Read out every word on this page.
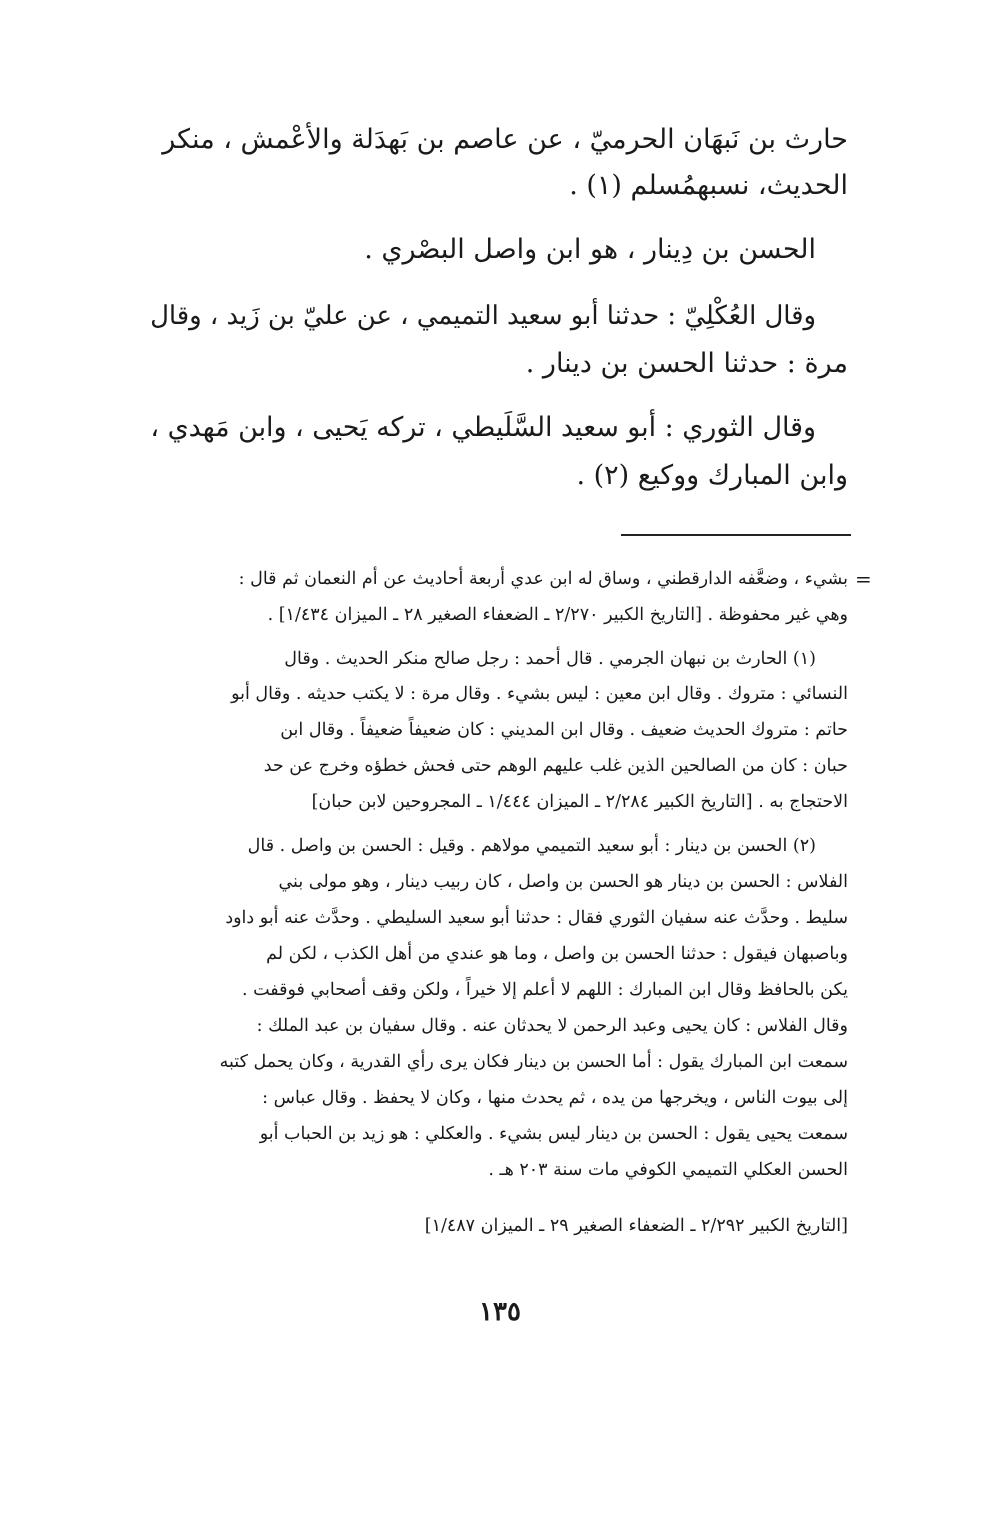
حارث بن نَبهَان الحرميّ ، عن عاصم بن بَهدَلة والأعْمش ، منكر
الحديث، نسبهمُسلم (١) .
الحسن بن دِينار ، هو ابن واصل البصْري .
وقال العُكْلِيّ : حدثنا أبو سعيد التميمي ، عن عليّ بن زَيد ، وقال
مرة : حدثنا الحسن بن دينار .
وقال الثوري : أبو سعيد السَّلَيطي ، تركه يَحيى ، وابن مَهدي ،
وابن المبارك ووكيع (٢) .
=
بشيء ، وضعَّفه الدارقطني ، وساق له ابن عدي أربعة أحاديث عن أم النعمان ثم قال :
وهي غير محفوظة . [التاريخ الكبير ٢/٢٧٠ ـ الضعفاء الصغير ٢٨ ـ الميزان ١/٤٣٤] .
(١) الحارث بن نبهان الجرمي . قال أحمد : رجل صالح منكر الحديث . وقال
النسائي : متروك . وقال ابن معين : ليس بشيء . وقال مرة : لا يكتب حديثه . وقال أبو
حاتم : متروك الحديث ضعيف . وقال ابن المديني : كان ضعيفاً ضعيفاً . وقال ابن
حبان : كان من الصالحين الذين غلب عليهم الوهم حتى فحش خطؤه وخرج عن حد
الاحتجاج به . [التاريخ الكبير ٢/٢٨٤ ـ الميزان ١/٤٤٤ ـ المجروحين لابن حبان]
(٢) الحسن بن دينار : أبو سعيد التميمي مولاهم . وقيل : الحسن بن واصل . قال
الفلاس : الحسن بن دينار هو الحسن بن واصل ، كان ربيب دينار ، وهو مولى بني
سليط . وحدَّث عنه سفيان الثوري فقال : حدثنا أبو سعيد السليطي . وحدَّث عنه أبو داود
وباصبهان فيقول : حدثنا الحسن بن واصل ، وما هو عندي من أهل الكذب ، لكن لم
يكن بالحافظ وقال ابن المبارك : اللهم لا أعلم إلا خيراً ، ولكن وقف أصحابي فوقفت .
وقال الفلاس : كان يحيى وعبد الرحمن لا يحدثان عنه . وقال سفيان بن عبد الملك :
سمعت ابن المبارك يقول : أما الحسن بن دينار فكان يرى رأي القدرية ، وكان يحمل كتبه
إلى بيوت الناس ، ويخرجها من يده ، ثم يحدث منها ، وكان لا يحفظ . وقال عباس :
سمعت يحيى يقول : الحسن بن دينار ليس بشيء . والعكلي : هو زيد بن الحباب أبو
الحسن العكلي التميمي الكوفي مات سنة ٢٠٣ هـ .
[التاريخ الكبير ٢/٢٩٢ ـ الضعفاء الصغير ٢٩ ـ الميزان ١/٤٨٧]
١٣٥
